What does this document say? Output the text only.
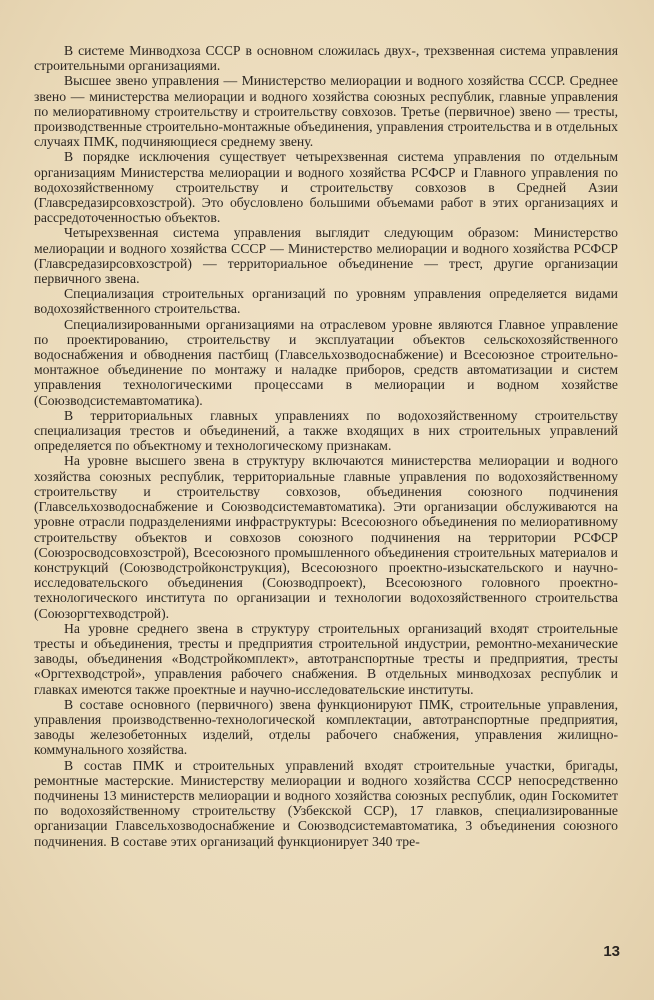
В системе Минводхоза СССР в основном сложилась двух-, трехзвенная система управления строительными организациями.

Высшее звено управления — Министерство мелиорации и водного хозяйства СССР. Среднее звено — министерства мелиорации и водного хозяйства союзных республик, главные управления по мелиоративному строительству и строительству совхозов. Третье (первичное) звено — тресты, производственные строительно-монтажные объединения, управления строительства и в отдельных случаях ПМК, подчиняющиеся среднему звену.

В порядке исключения существует четырехзвенная система управления по отдельным организациям Министерства мелиорации и водного хозяйства РСФСР и Главного управления по водохозяйственному строительству и строительству совхозов в Средней Азии (Главсредазирсовхозстрой). Это обусловлено большими объемами работ в этих организациях и рассредоточенностью объектов.

Четырехзвенная система управления выглядит следующим образом: Министерство мелиорации и водного хозяйства СССР — Министерство мелиорации и водного хозяйства РСФСР (Главсредазирсовхозстрой) — территориальное объединение — трест, другие организации первичного звена.

Специализация строительных организаций по уровням управления определяется видами водохозяйственного строительства.

Специализированными организациями на отраслевом уровне являются Главное управление по проектированию, строительству и эксплуатации объектов сельскохозяйственного водоснабжения и обводнения пастбищ (Главсельхозводоснабжение) и Всесоюзное строительно-монтажное объединение по монтажу и наладке приборов, средств автоматизации и систем управления технологическими процессами в мелиорации и водном хозяйстве (Союзводсистемавтоматика).

В территориальных главных управлениях по водохозяйственному строительству специализация трестов и объединений, а также входящих в них строительных управлений определяется по объектному и технологическому признакам.

На уровне высшего звена в структуру включаются министерства мелиорации и водного хозяйства союзных республик, территориальные главные управления по водохозяйственному строительству и строительству совхозов, объединения союзного подчинения (Главсельхозводоснабжение и Союзводсистемавтоматика). Эти организации обслуживаются на уровне отрасли подразделениями инфраструктуры: Всесоюзного объединения по мелиоративному строительству объектов и совхозов союзного подчинения на территории РСФСР (Союзросводсовхозстрой), Всесоюзного промышленного объединения строительных материалов и конструкций (Союзводстройконструкция), Всесоюзного проектно-изыскательского и научно-исследовательского объединения (Союзводпроект), Всесоюзного головного проектно-технологического института по организации и технологии водохозяйственного строительства (Союзоргтехводстрой).

На уровне среднего звена в структуру строительных организаций входят строительные тресты и объединения, тресты и предприятия строительной индустрии, ремонтно-механические заводы, объединения «Водстройкомплект», автотранспортные тресты и предприятия, тресты «Оргтехводстрой», управления рабочего снабжения. В отдельных минводхозах республик и главках имеются также проектные и научно-исследовательские институты.

В составе основного (первичного) звена функционируют ПМК, строительные управления, управления производственно-технологической комплектации, автотранспортные предприятия, заводы железобетонных изделий, отделы рабочего снабжения, управления жилищно-коммунального хозяйства.

В состав ПМК и строительных управлений входят строительные участки, бригады, ремонтные мастерские. Министерству мелиорации и водного хозяйства СССР непосредственно подчинены 13 министерств мелиорации и водного хозяйства союзных республик, один Госкомитет по водохозяйственному строительству (Узбекской ССР), 17 главков, специализированные организации Главсельхозводоснабжение и Союзводсистемавтоматика, 3 объединения союзного подчинения. В составе этих организаций функционирует 340 тре-

13
